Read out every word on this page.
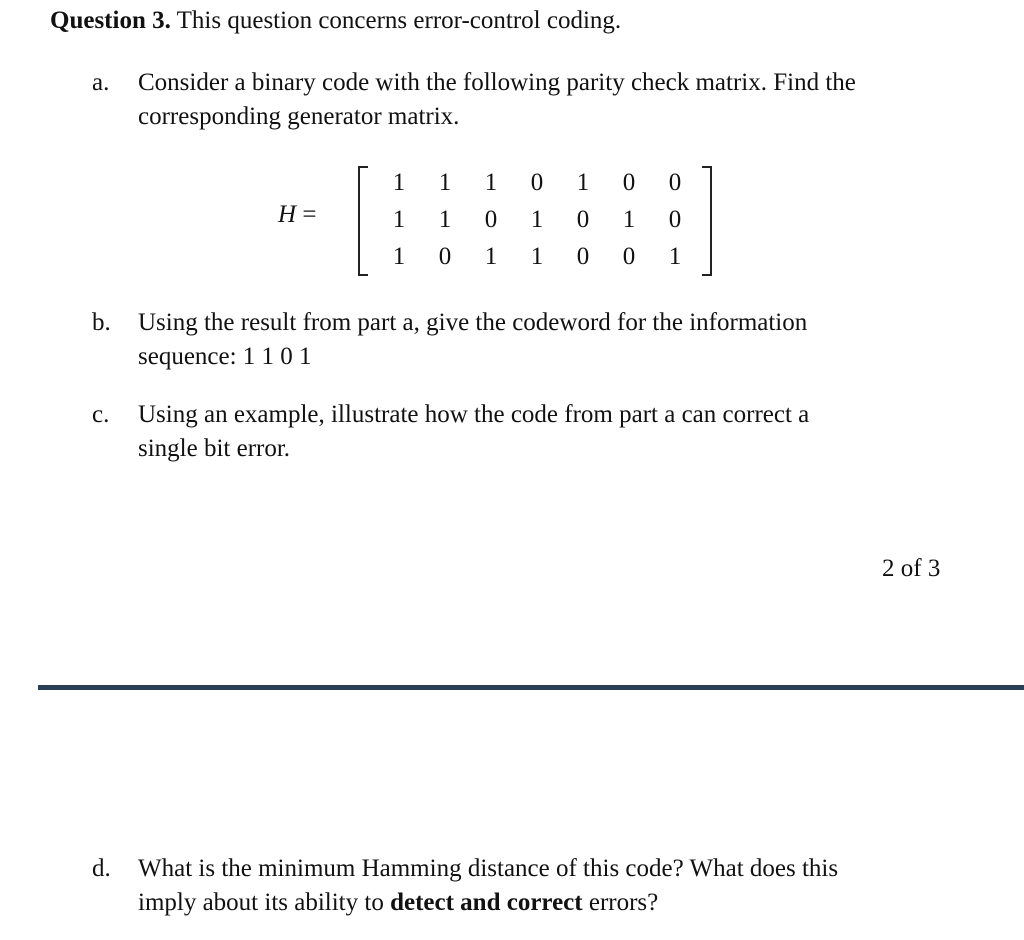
Question 3. This question concerns error-control coding.
a.	Consider a binary code with the following parity check matrix. Find the
corresponding generator matrix.
H =
1	1	1	0	1	0	0
1	1	0	1	0	1	0
1	0	1	1	0	0	1
b.	Using the result from part a, give the codeword for the information
sequence: 1 1 0 1
c.	Using an example, illustrate how the code from part a can correct a
single bit error.
2 of 3
d.	What is the minimum Hamming distance of this code? What does this
imply about its ability to detect and correct errors?
